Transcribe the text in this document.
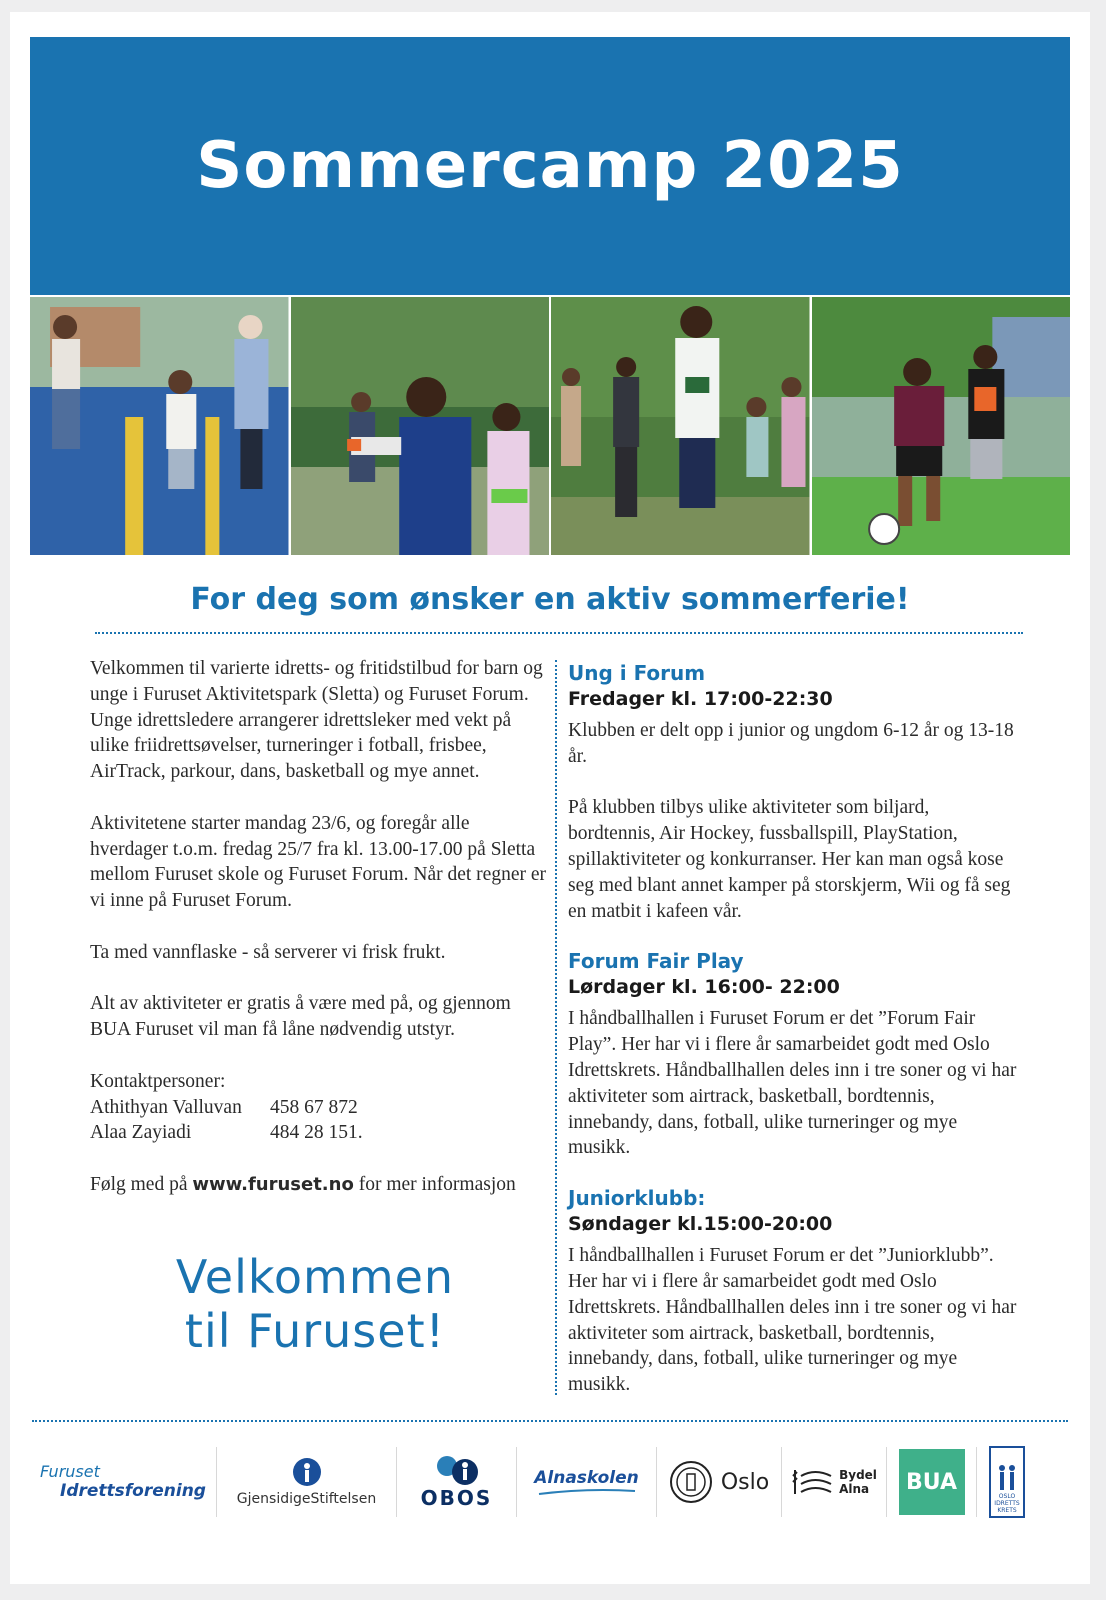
Sommercamp 2025
For deg som ønsker en aktiv sommerferie!

Velkommen til varierte idretts- og fritidstilbud for barn og unge i Furuset Aktivitetspark (Sletta) og Furuset Forum. Unge idrettsledere arrangerer idrettsleker med vekt på ulike friidrettsøvelser, turneringer i fotball, frisbee, AirTrack, parkour, dans, basketball og mye annet.

Aktivitetene starter mandag 23/6, og foregår alle hverdager t.o.m. fredag 25/7 fra kl. 13.00-17.00 på Sletta mellom Furuset skole og Furuset Forum. Når det regner er vi inne på Furuset Forum.

Ta med vannflaske - så serverer vi frisk frukt.

Alt av aktiviteter er gratis å være med på, og gjennom BUA Furuset vil man få låne nødvendig utstyr.

Kontaktpersoner:
Athithyan Valluvan	458 67 872
Alaa Zayiadi	484 28 151.
Følg med på www.furuset.no for mer informasjon
Velkommen
til Furuset!
Ung i Forum
Fredager kl. 17:00-22:30

Klubben er delt opp i junior og ungdom 6-12 år og 13-18 år.

På klubben tilbys ulike aktiviteter som biljard, bordtennis, Air Hockey, fussballspill, PlayStation, spillaktiviteter og konkurranser. Her kan man også kose seg med blant annet kamper på storskjerm, Wii og få seg en matbit i kafeen vår.

Forum Fair Play
Lørdager kl. 16:00- 22:00

I håndballhallen i Furuset Forum er det ”Forum Fair Play”. Her har vi i flere år samarbeidet godt med Oslo Idrettskrets. Håndballhallen deles inn i tre soner og vi har aktiviteter som airtrack, basketball, bordtennis, innebandy, dans, fotball, ulike turneringer og mye musikk.

Juniorklubb:
Søndager kl.15:00-20:00

I håndballhallen i Furuset Forum er det ”Juniorklubb”. Her har vi i flere år samarbeidet godt med Oslo Idrettskrets. Håndballhallen deles inn i tre soner og vi har aktiviteter som airtrack, basketball, bordtennis, innebandy, dans, fotball, ulike turneringer og mye musikk.

Furuset
Idrettsforening GjensidigeStiftelsen OBOS
Alnaskolen	Oslo	Bydel
Alna	BUA
OSLO
IDRETTS
KRETS
